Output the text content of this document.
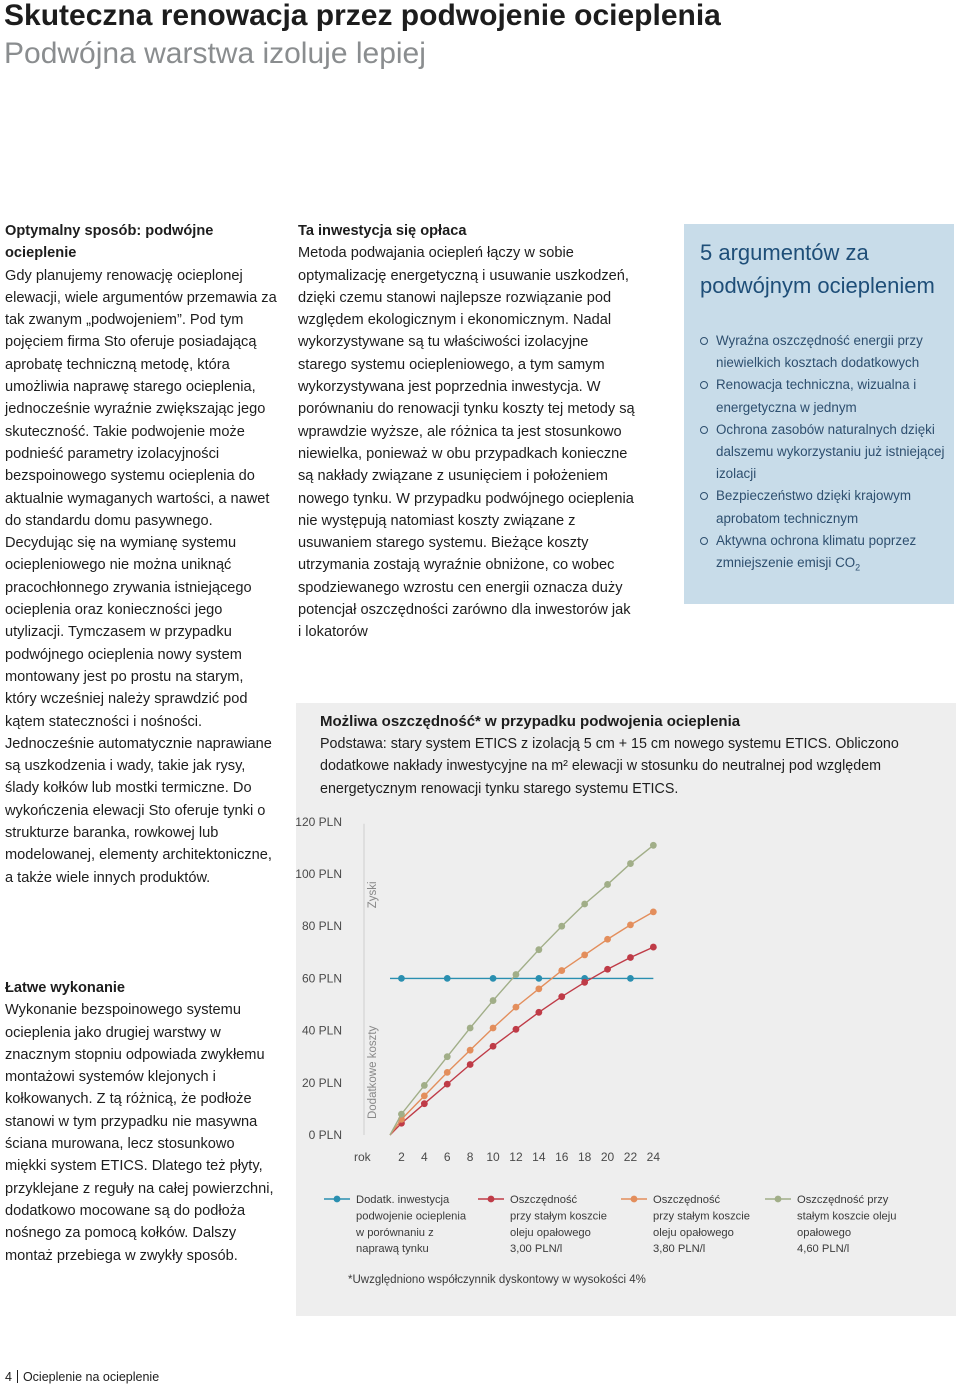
Skuteczna renowacja przez podwojenie ocieplenia
Podwójna warstwa izoluje lepiej

Optymalny sposób: podwójne ocieplenie

Gdy planujemy renowację ocieplonej elewacji, wiele argumentów przemawia za tak zwanym „podwojeniem”. Pod tym pojęciem firma Sto oferuje posiadającą aprobatę techniczną metodę, która umożliwia naprawę starego ocieplenia, jednocześnie wyraźnie zwiększając jego skuteczność. Takie podwojenie może podnieść parametry izolacyjności bezspoinowego systemu ocieplenia do aktualnie wymaganych wartości, a nawet do standardu domu pasywnego.

Decydując się na wymianę systemu ociepleniowego nie można uniknąć pracochłonnego zrywania istniejącego ocieplenia oraz konieczności jego utylizacji. Tymczasem w przypadku podwójnego ocieplenia nowy system montowany jest po prostu na starym, który wcześniej należy sprawdzić pod kątem stateczności i nośności. Jednocześnie automatycznie naprawiane są uszkodzenia i wady, takie jak rysy, ślady kołków lub mostki termiczne. Do wykończenia elewacji Sto oferuje tynki o strukturze baranka, rowkowej lub modelowanej, elementy architektoniczne, a także wiele innych produktów.

Łatwe wykonanie

Wykonanie bezspoinowego systemu ocieplenia jako drugiej warstwy w znacznym stopniu odpowiada zwykłemu montażowi systemów klejonych i kołkowanych. Z tą różnicą, że podłoże stanowi w tym przypadku nie masywna ściana murowana, lecz stosunkowo miękki system ETICS. Dlatego też płyty, przyklejane z reguły na całej powierzchni, dodatkowo mocowane są do podłoża nośnego za pomocą kołków. Dalszy montaż przebiega w zwykły sposób.

Ta inwestycja się opłaca

Metoda podwajania ociepleń łączy w sobie optymalizację energetyczną i usuwanie uszkodzeń, dzięki czemu stanowi najlepsze rozwiązanie pod względem ekologicznym i ekonomicznym. Nadal wykorzystywane są tu właściwości izolacyjne starego systemu ociepleniowego, a tym samym wykorzystywana jest poprzednia inwestycja. W porównaniu do renowacji tynku koszty tej metody są wprawdzie wyższe, ale różnica ta jest stosunkowo niewielka, ponieważ w obu przypadkach konieczne są nakłady związane z usunięciem i położeniem nowego tynku. W przypadku podwójnego ocieplenia nie występują natomiast koszty związane z usuwaniem starego systemu. Bieżące koszty utrzymania zostają wyraźnie obniżone, co wobec spodziewanego wzrostu cen energii oznacza duży potencjał oszczędności zarówno dla inwestorów jak i lokatorów

5 argumentów za podwójnym ociepleniem
Wyraźna oszczędność energii przy niewielkich kosztach dodatkowych
Renowacja techniczna, wizualna i energetyczna w jednym
Ochrona zasobów naturalnych dzięki dalszemu wykorzystaniu już istniejącej izolacji
Bezpieczeństwo dzięki krajowym aprobatom technicznym
Aktywna ochrona klimatu poprzez zmniejszenie emisji $CO_2$
Możliwa oszczędność* w przypadku podwojenia ocieplenia
Podstawa: stary system ETICS z izolacją 5 cm + 15 cm nowego systemu ETICS. Obliczono dodatkowe nakłady inwestycyjne na m² elewacji w stosunku do neutralnej pod względem energetycznym renowacji tynku starego systemu ETICS.
0 PLN
20 PLN
40 PLN
60 PLN
80 PLN
100 PLN
120 PLN
rok 2 4 6 8 10 12 14 16 18 20 22 24
Zyski
Dodatkowe koszty
Dodatk. inwestycja
podwojenie ocieplenia
w porównaniu z
naprawą tynku
Oszczędność
przy stałym koszcie
oleju opałowego
3,00 PLN/l
Oszczędność
przy stałym koszcie
oleju opałowego
3,80 PLN/l
Oszczędność przy
stałym koszcie oleju
opałowego
4,60 PLN/l
*Uwzględniono współczynnik dyskontowy w wysokości 4%
4 Ocieplenie na ocieplenie
